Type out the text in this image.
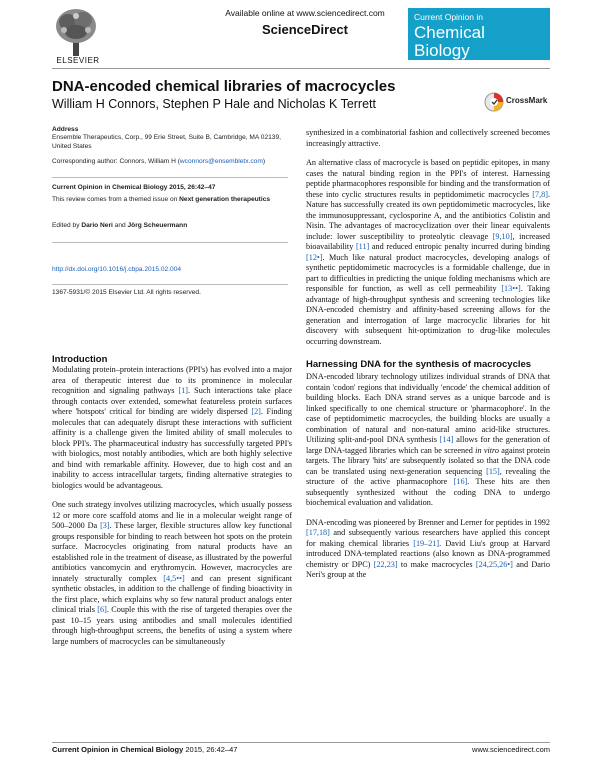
ELSEVIER
Available online at www.sciencedirect.com
ScienceDirect
Current Opinion in
Chemical Biology
DNA-encoded chemical libraries of macrocycles
William H Connors, Stephen P Hale and Nicholas K Terrett	CrossMark
Address
Ensemble Therapeutics, Corp., 99 Erie Street, Suite B, Cambridge, MA 02139, United States
Corresponding author: Connors, William H (wconnors@ensembletx.com)
Current Opinion in Chemical Biology 2015, 26:42–47
This review comes from a themed issue on Next generation therapeutics
Edited by Dario Neri and Jörg Scheuermann
http://dx.doi.org/10.1016/j.cbpa.2015.02.004
1367-5931/© 2015 Elsevier Ltd. All rights reserved.
Introduction

Modulating protein–protein interactions (PPI's) has evolved into a major area of therapeutic interest due to its prominence in molecular recognition and signaling pathways [1]. Such interactions take place through contacts over extended, somewhat featureless protein surfaces where 'hotspots' critical for binding are widely dispersed [2]. Finding molecules that can adequately disrupt these interactions with sufficient affinity is a challenge given the limited ability of small molecules to block PPI's. The pharmaceutical industry has successfully targeted PPI's with biologics, most notably antibodies, which are both highly selective and bind with remarkable affinity. However, due to high cost and an inability to access intracellular targets, finding alternative strategies to biologics would be advantageous.

One such strategy involves utilizing macrocycles, which usually possess 12 or more core scaffold atoms and lie in a molecular weight range of 500–2000 Da [3]. These larger, flexible structures allow key functional groups responsible for binding to reach between hot spots on the protein surface. Macrocycles originating from natural products have an established role in the treatment of disease, as illustrated by the powerful antibiotics vancomycin and erythromycin. However, macrocycles are innately structurally complex [4,5••] and can present significant synthetic obstacles, in addition to the challenge of finding bioactivity in the first place, which explains why so few natural product analogs enter clinical trials [6]. Couple this with the rise of targeted therapies over the past 10–15 years using antibodies and small molecules identified through high-throughput screens, the benefits of using a system where large numbers of macrocycles can be simultaneously

synthesized in a combinatorial fashion and collectively screened becomes increasingly attractive.

An alternative class of macrocycle is based on peptidic epitopes, in many cases the natural binding region in the PPI's of interest. Harnessing peptide pharmacophores responsible for binding and the transformation of these into cyclic structures results in peptidomimetic macrocycles [7,8]. Nature has successfully created its own peptidomimetic macrocycles, like the immunosuppressant, cyclosporine A, and the antibiotics Colistin and Nisin. The advantages of macrocyclization over their linear equivalents include: lower susceptibility to proteolytic cleavage [9,10], increased bioavailability [11] and reduced entropic penalty incurred during binding [12•]. Much like natural product macrocycles, developing analogs of synthetic peptidomimetic macrocycles is a formidable challenge, due in part to difficulties in predicting the unique folding mechanisms which are responsible for function, as well as cell permeability [13••]. Taking advantage of high-throughput synthesis and screening technologies like DNA-encoded chemistry and affinity-based screening allows for the generation and interrogation of large macrocyclic libraries for hit discovery with subsequent hit-optimization to drug-like molecules occurring downstream.

Harnessing DNA for the synthesis of macrocycles

DNA-encoded library technology utilizes individual strands of DNA that contain 'codon' regions that individually 'encode' the chemical addition of building blocks. Each DNA strand serves as a unique barcode and is linked specifically to one chemical structure or 'pharmacophore'. In the case of peptidomimetic macrocycles, the building blocks are usually a combination of natural and non-natural amino acid-like structures. Utilizing split-and-pool DNA synthesis [14] allows for the generation of large DNA-tagged libraries which can be screened in vitro against protein targets. The library 'hits' are subsequently isolated so that the DNA code can be translated using next-generation sequencing [15], revealing the structure of the active pharmacophore [16]. These hits are then subsequently synthesized without the coding DNA to undergo biochemical evaluation and validation.

DNA-encoding was pioneered by Brenner and Lerner for peptides in 1992 [17,18] and subsequently various researchers have applied this concept for making chemical libraries [19–21]. David Liu's group at Harvard introduced DNA-templated reactions (also known as DNA-programmed chemistry or DPC) [22,23] to make macrocycles [24,25,26•] and Dario Neri's group at the

Current Opinion in Chemical Biology 2015, 26:42–47	www.sciencedirect.com
